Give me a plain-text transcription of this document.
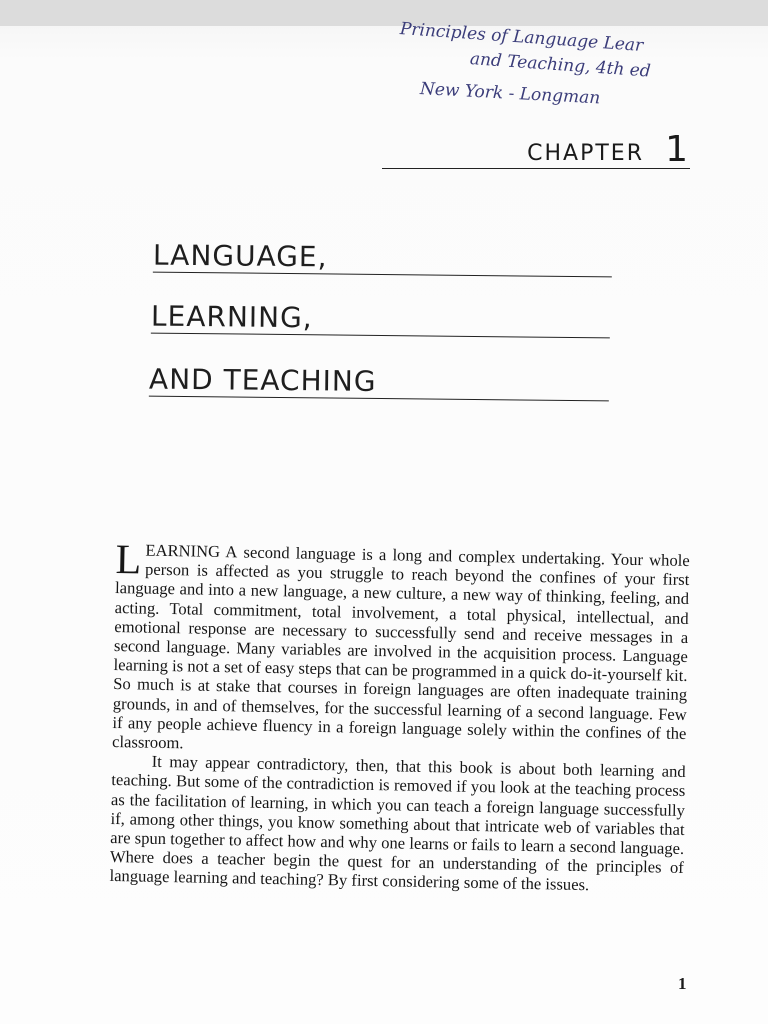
Principles of Language Lear
and Teaching, 4th ed
New York - Longman
CHAPTER 1
LANGUAGE,
LEARNING,
AND TEACHING

LEARNING A second language is a long and complex undertaking. Your whole person is affected as you struggle to reach beyond the confines of your first language and into a new language, a new culture, a new way of thinking, feeling, and acting. Total commitment, total involvement, a total physical, intellectual, and emotional response are necessary to successfully send and receive messages in a second language. Many variables are involved in the acquisition process. Language learning is not a set of easy steps that can be programmed in a quick do-it-yourself kit. So much is at stake that courses in foreign languages are often inadequate training grounds, in and of themselves, for the successful learning of a second language. Few if any people achieve fluency in a foreign language solely within the confines of the classroom.

It may appear contradictory, then, that this book is about both learning and teaching. But some of the contradiction is removed if you look at the teaching process as the facilitation of learning, in which you can teach a foreign language successfully if, among other things, you know something about that intricate web of variables that are spun together to affect how and why one learns or fails to learn a second language. Where does a teacher begin the quest for an understanding of the principles of language learning and teaching? By first considering some of the issues.

1
